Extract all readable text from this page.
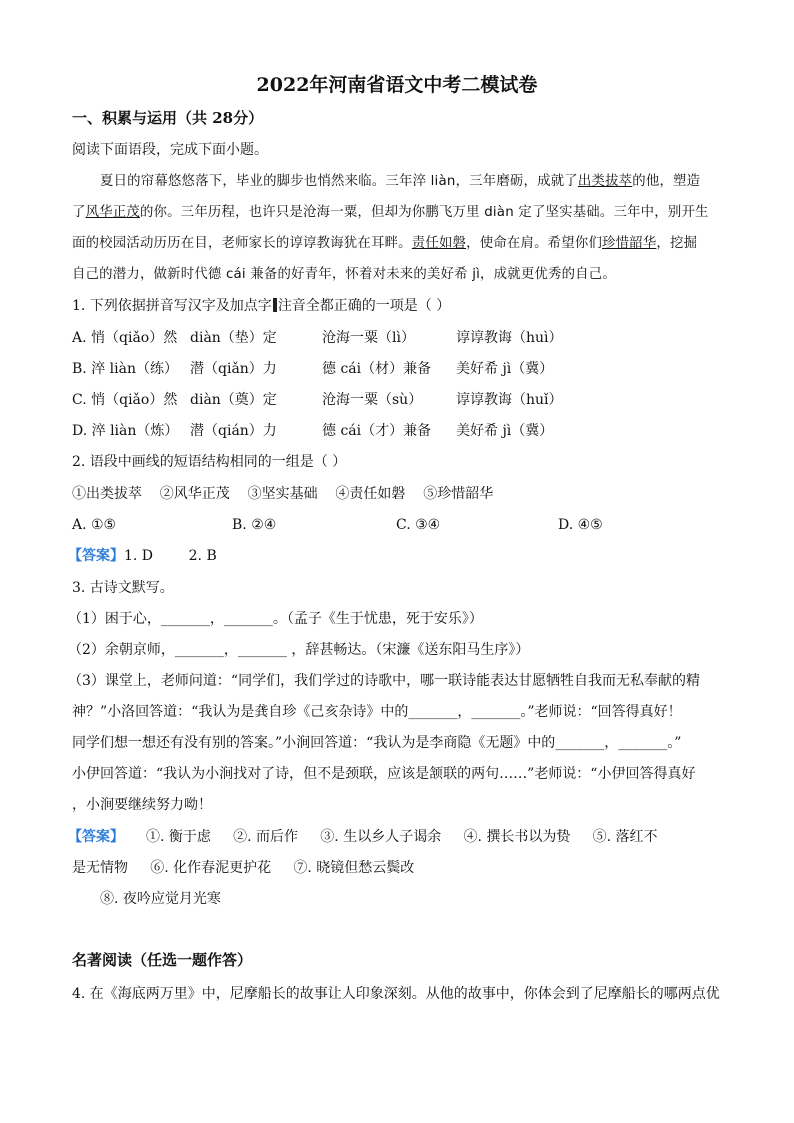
2022年河南省语文中考二模试卷
一、积累与运用（共 28分）
阅读下面语段，完成下面小题。
夏日的帘幕悠悠落下，毕业的脚步也悄然来临。三年淬 liàn，三年磨砺，成就了出类拔萃的他，塑造
了风华正茂的你。三年历程，也许只是沧海一粟，但却为你鹏飞万里 diàn 定了坚实基础。三年中，别开生
面的校园活动历历在目，老师家长的谆谆教诲犹在耳畔。责任如磐，使命在肩。希望你们珍惜韶华，挖掘
自己的潜力，做新时代德 cái 兼备的好青年，怀着对未来的美好希 jì，成就更优秀的自己。
1. 下列依据拼音写汉字及加点字 注音全都正确的一项是（ ）
A. 悄（qiǎo）然 diàn（垫）定	沧海一粟（lì）	谆谆教诲（huì）
B. 淬 liàn（练） 潜（qiǎn）力	德 cái（材）兼备 美好希 jì（冀）
C. 悄（qiǎo）然 diàn（奠）定	沧海一粟（sù） 谆谆教诲（huǐ）
D. 淬 liàn（炼） 潜（qián）力	德 cái（才）兼备 美好希 jì（冀）
2. 语段中画线的短语结构相同的一组是（ ）
①出类拔萃    ②风华正茂    ③坚实基础    ④责任如磐    ⑤珍惜韶华
A. ①⑤	B. ②④	C. ③④	D. ④⑤
【答案】1. D        2. B
3. 古诗文默写。
（1）困于心，_______，_______。（孟子《生于忧患，死于安乐》）
（2）余朝京师，_______，_______ ，辞甚畅达。（宋濂《送东阳马生序》）
（3）课堂上，老师问道：“同学们，我们学过的诗歌中，哪一联诗能表达甘愿牺牲自我而无私奉献的精
神？”小洛回答道：“我认为是龚自珍《己亥杂诗》中的_______，_______。”老师说：“回答得真好！
同学们想一想还有没有别的答案。”小涧回答道：“我认为是李商隐《无题》中的_______，_______。”
小伊回答道：“我认为小涧找对了诗，但不是颈联，应该是颔联的两句……”老师说：“小伊回答得真好
，小涧要继续努力呦！
【答案】 ①. 衡于虑     ②. 而后作     ③. 生以乡人子谒余     ④. 撰长书以为贽     ⑤. 落红不
是无情物     ⑥. 化作春泥更护花     ⑦. 晓镜但愁云鬓改
⑧. 夜吟应觉月光寒
名著阅读（任选一题作答）
4. 在《海底两万里》中，尼摩船长的故事让人印象深刻。从他的故事中，你体会到了尼摩船长的哪两点优
